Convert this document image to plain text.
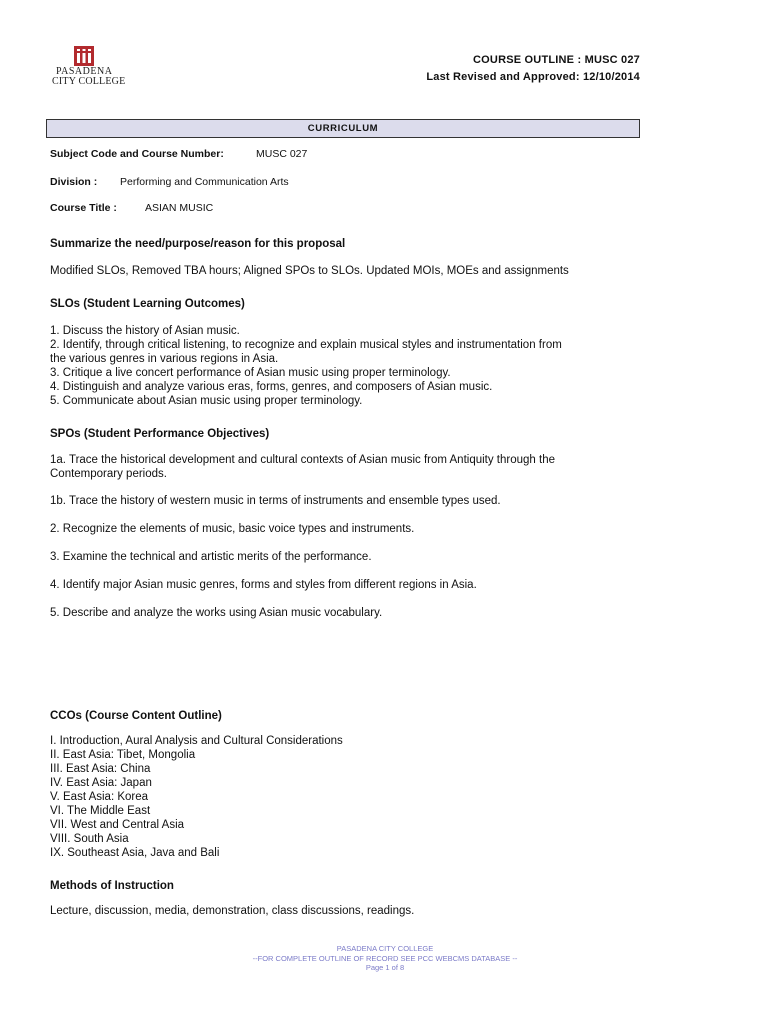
PASADENA
CITY COLLEGE
COURSE OUTLINE : MUSC 027
Last Revised and Approved: 12/10/2014
CURRICULUM
Subject Code and Course Number:	MUSC 027
Division : Performing and Communication Arts
Course Title :	ASIAN MUSIC
Summarize the need/purpose/reason for this proposal
Modified SLOs, Removed TBA hours; Aligned SPOs to SLOs. Updated MOIs, MOEs and assignments
SLOs (Student Learning Outcomes)
1. Discuss the history of Asian music.
2. Identify, through critical listening, to recognize and explain musical styles and instrumentation from
the various genres in various regions in Asia.
3. Critique a live concert performance of Asian music using proper terminology.
4. Distinguish and analyze various eras, forms, genres, and composers of Asian music.
5. Communicate about Asian music using proper terminology.
SPOs (Student Performance Objectives)
1a. Trace the historical development and cultural contexts of Asian music from Antiquity through the
Contemporary periods.
1b. Trace the history of western music in terms of instruments and ensemble types used.
2. Recognize the elements of music, basic voice types and instruments.
3. Examine the technical and artistic merits of the performance.
4. Identify major Asian music genres, forms and styles from different regions in Asia.
5. Describe and analyze the works using Asian music vocabulary.
CCOs (Course Content Outline)
I. Introduction, Aural Analysis and Cultural Considerations
II. East Asia: Tibet, Mongolia
III. East Asia: China
IV. East Asia: Japan
V. East Asia: Korea
VI. The Middle East
VII. West and Central Asia
VIII. South Asia
IX. Southeast Asia, Java and Bali
Methods of Instruction
Lecture, discussion, media, demonstration, class discussions, readings.
PASADENA CITY COLLEGE
--FOR COMPLETE OUTLINE OF RECORD SEE PCC WEBCMS DATABASE --
Page 1 of 8
